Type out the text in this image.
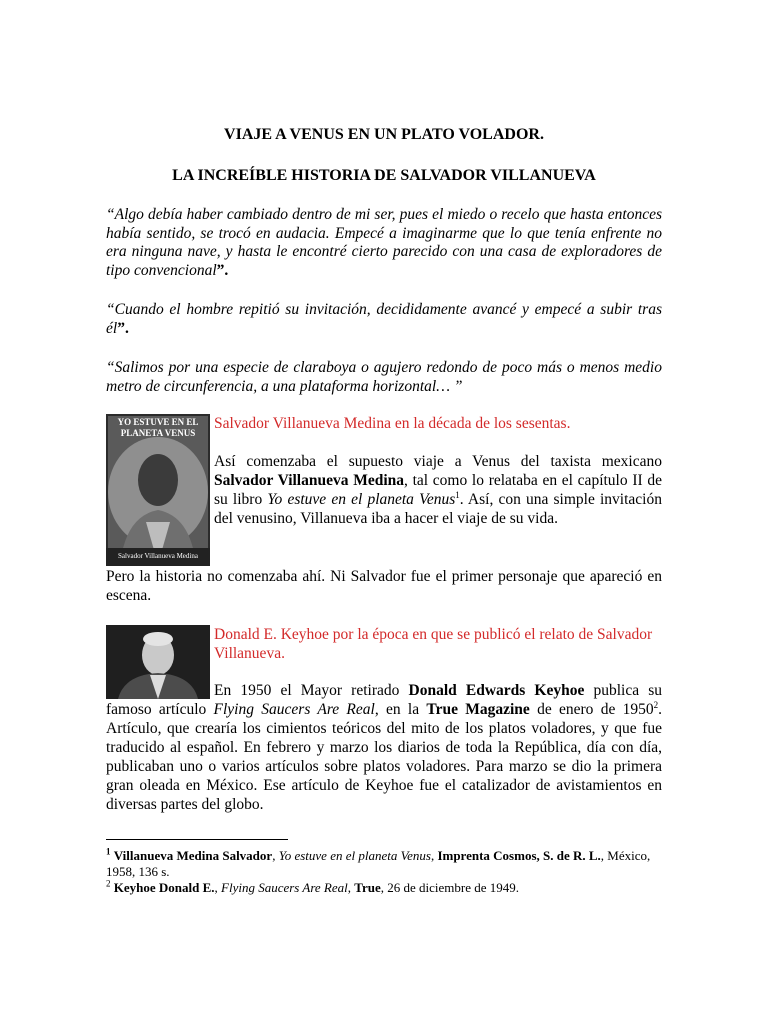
VIAJE A VENUS EN UN PLATO VOLADOR.
LA INCREÍBLE HISTORIA DE SALVADOR VILLANUEVA
“Algo debía haber cambiado dentro de mi ser, pues el miedo o recelo que hasta entonces había sentido, se trocó en audacia. Empecé a imaginarme que lo que tenía enfrente no era ninguna nave, y hasta le encontré cierto parecido con una casa de exploradores de tipo convencional”.
“Cuando el hombre repitió su invitación, decididamente avancé y empecé a subir tras él”.
“Salimos por una especie de claraboya o agujero redondo de poco más o menos medio metro de circunferencia, a una plataforma horizontal… ”
YO ESTUVE EN EL PLANETA VENUS
Salvador Villanueva Medina
Salvador Villanueva Medina en la década de los sesentas.
Así comenzaba el supuesto viaje a Venus del taxista mexicano Salvador Villanueva Medina, tal como lo relataba en el capítulo II de su libro Yo estuve en el planeta Venus$^1$. Así, con una simple invitación del venusino, Villanueva iba a hacer el viaje de su vida.
Pero la historia no comenzaba ahí. Ni Salvador fue el primer personaje que apareció en escena.
Donald E. Keyhoe por la época en que se publicó el relato de Salvador Villanueva.
En 1950 el Mayor retirado Donald Edwards Keyhoe publica su famoso artículo Flying Saucers Are Real, en la True Magazine de enero de 1950$^2$. Artículo, que crearía los cimientos teóricos del mito de los platos voladores, y que fue traducido al español. En febrero y marzo los diarios de toda la República, día con día, publicaban uno o varios artículos sobre platos voladores. Para marzo se dio la primera gran oleada en México. Ese artículo de Keyhoe fue el catalizador de avistamientos en diversas partes del globo.
$^1$ Villanueva Medina Salvador, Yo estuve en el planeta Venus, Imprenta Cosmos, S. de R. L., México, 1958, 136 s.
$^2$ Keyhoe Donald E., Flying Saucers Are Real, True, 26 de diciembre de 1949.
